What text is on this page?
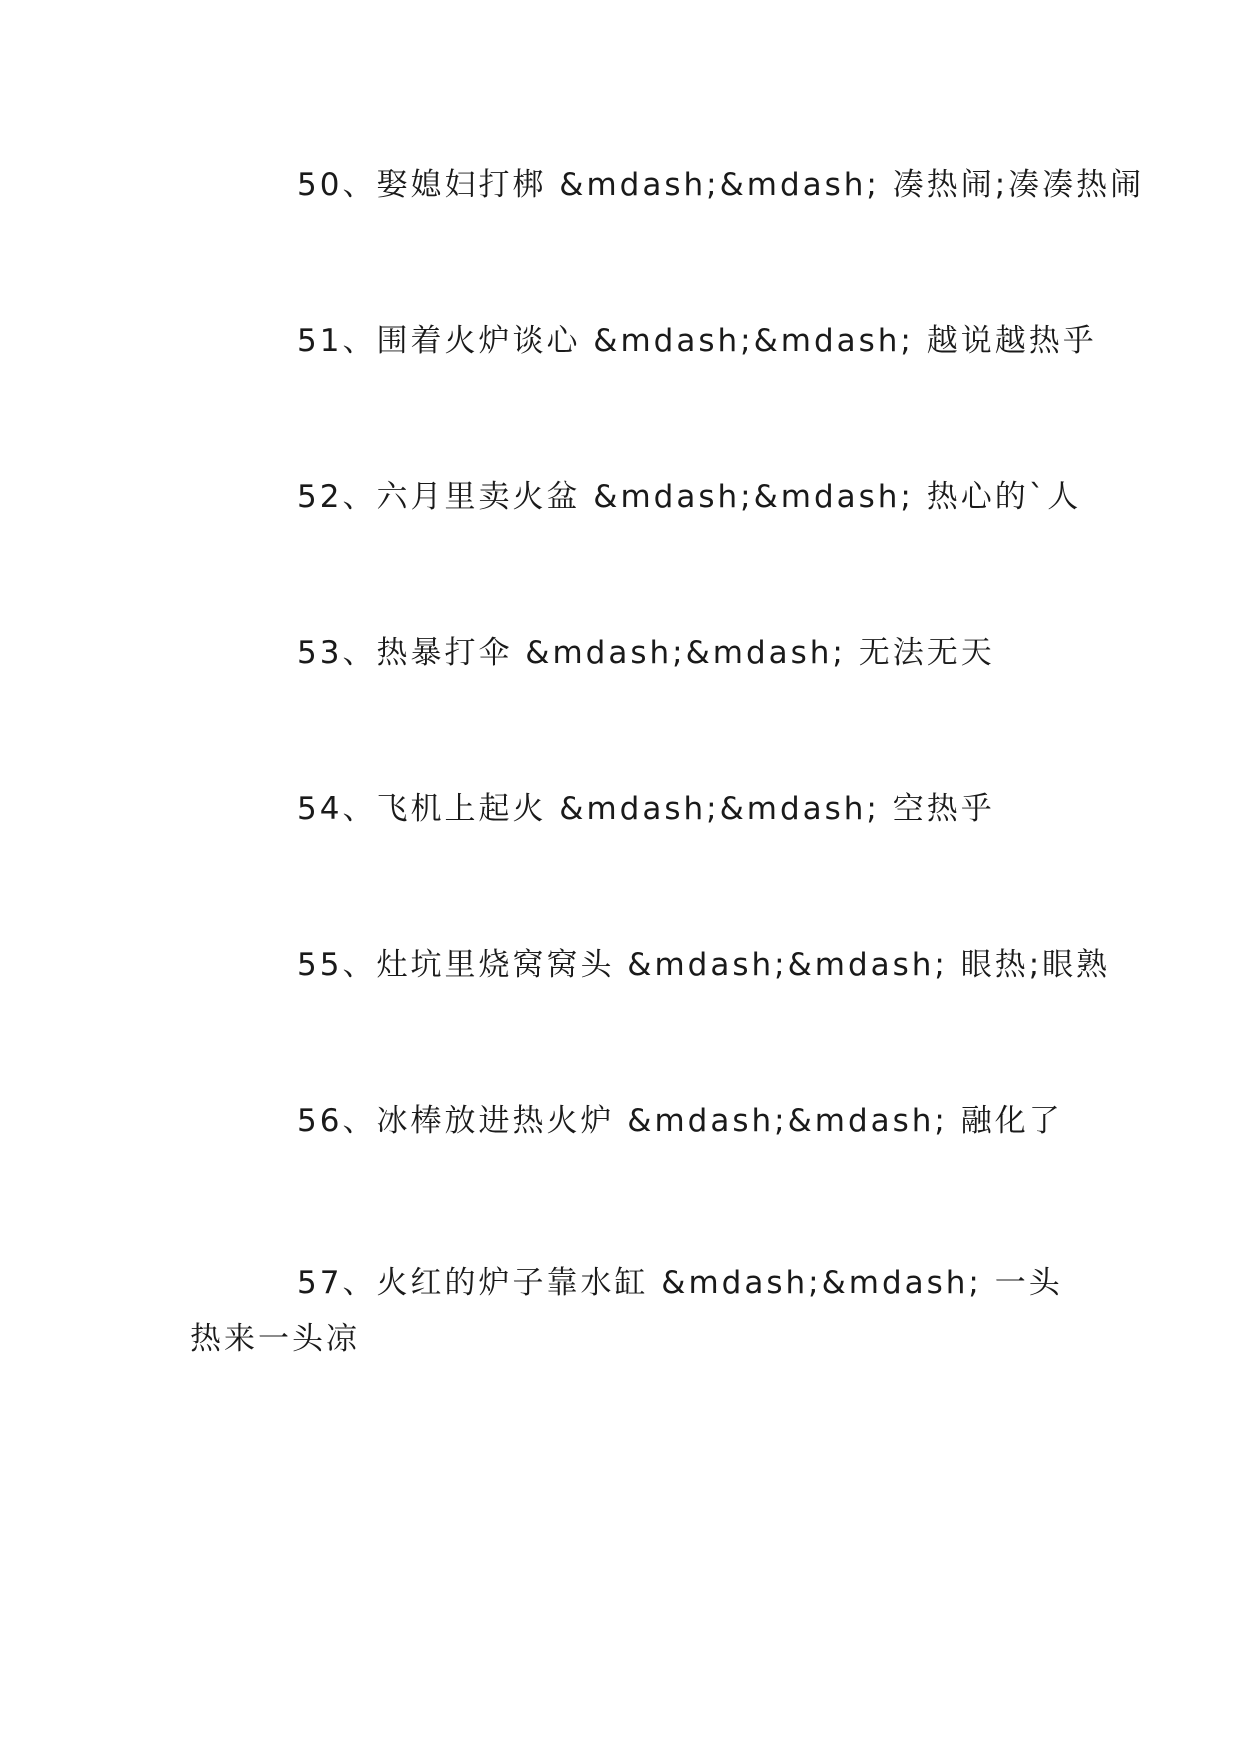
50、娶媳妇打梆 &mdash;&mdash; 凑热闹;凑凑热闹
51、围着火炉谈心 &mdash;&mdash; 越说越热乎
52、六月里卖火盆 &mdash;&mdash; 热心的`人
53、热暴打伞 &mdash;&mdash; 无法无天
54、飞机上起火 &mdash;&mdash; 空热乎
55、灶坑里烧窝窝头 &mdash;&mdash; 眼热;眼熟
56、冰棒放进热火炉 &mdash;&mdash; 融化了
57、火红的炉子靠水缸 &mdash;&mdash; 一头热来一头凉
